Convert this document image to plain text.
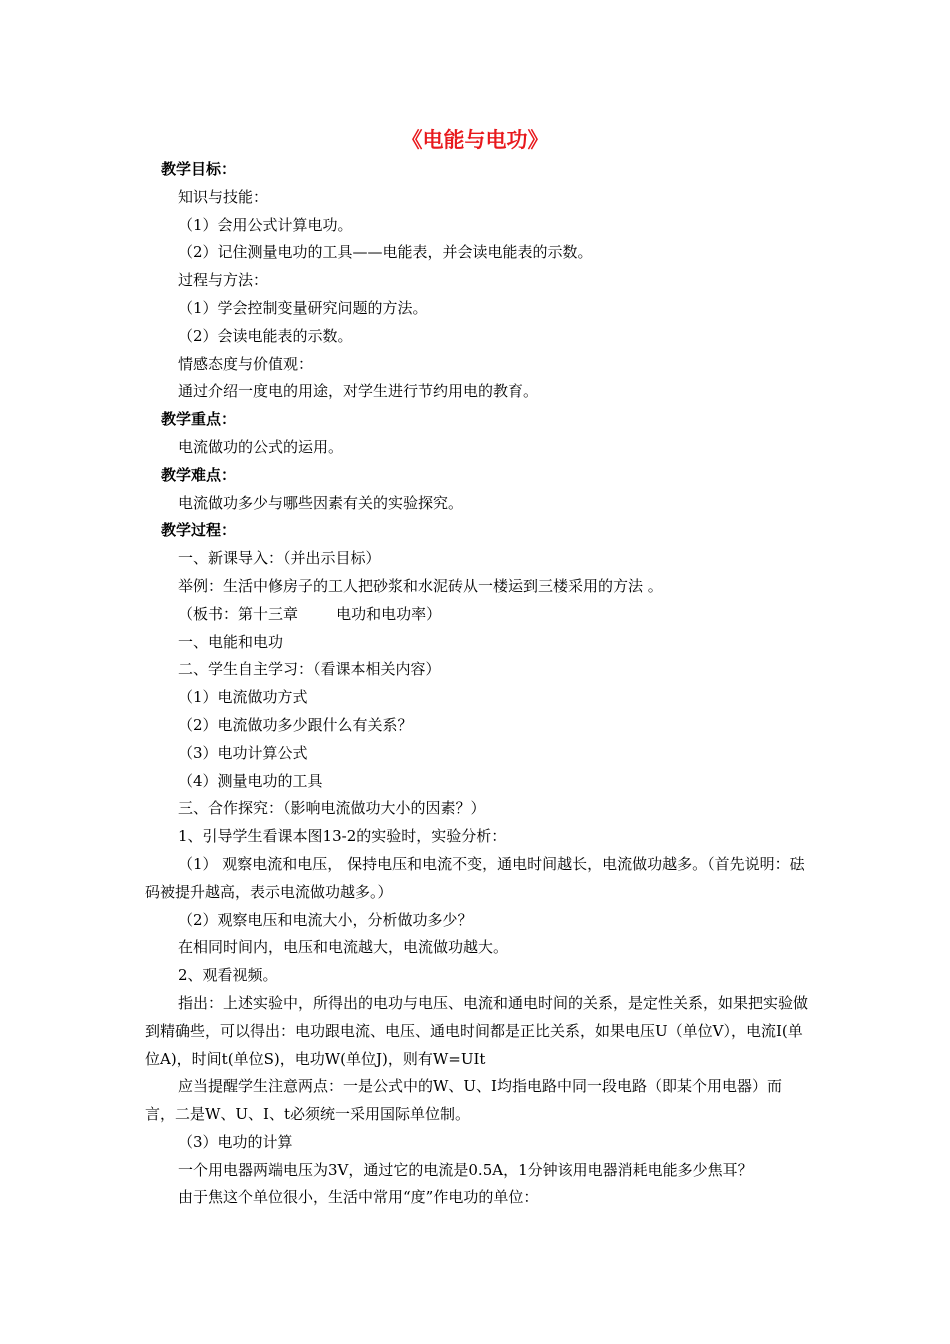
《电能与电功》
教学目标：
知识与技能：
（1）会用公式计算电功。
（2）记住测量电功的工具——电能表，并会读电能表的示数。
过程与方法：
（1）学会控制变量研究问题的方法。
（2）会读电能表的示数。
情感态度与价值观：
通过介绍一度电的用途，对学生进行节约用电的教育。
教学重点：
电流做功的公式的运用。
教学难点：
电流做功多少与哪些因素有关的实验探究。
教学过程：
一、新课导入：（并出示目标）
举例：生活中修房子的工人把砂浆和水泥砖从一楼运到三楼采用的方法 。
（板书：第十三章        电功和电功率）
一、电能和电功
二、学生自主学习：（看课本相关内容）
（1）电流做功方式
（2）电流做功多少跟什么有关系？
（3）电功计算公式
（4）测量电功的工具
三、合作探究：（影响电流做功大小的因素？）
1、引导学生看课本图13-2的实验时，实验分析：
（1） 观察电流和电压， 保持电压和电流不变，通电时间越长，电流做功越多。（首先说明：砝码被提升越高，表示电流做功越多。）
（2）观察电压和电流大小，分析做功多少？
在相同时间内，电压和电流越大，电流做功越大。
2、观看视频。
指出：上述实验中，所得出的电功与电压、电流和通电时间的关系，是定性关系，如果把实验做到精确些，可以得出：电功跟电流、电压、通电时间都是正比关系，如果电压U（单位V），电流I(单位A)，时间t(单位S)，电功W(单位J)，则有W=UIt
应当提醒学生注意两点：一是公式中的W、U、I均指电路中同一段电路（即某个用电器）而言，二是W、U、I、t必须统一采用国际单位制。
（3）电功的计算
一个用电器两端电压为3V，通过它的电流是0.5A，1分钟该用电器消耗电能多少焦耳？
由于焦这个单位很小，生活中常用“度”作电功的单位：
